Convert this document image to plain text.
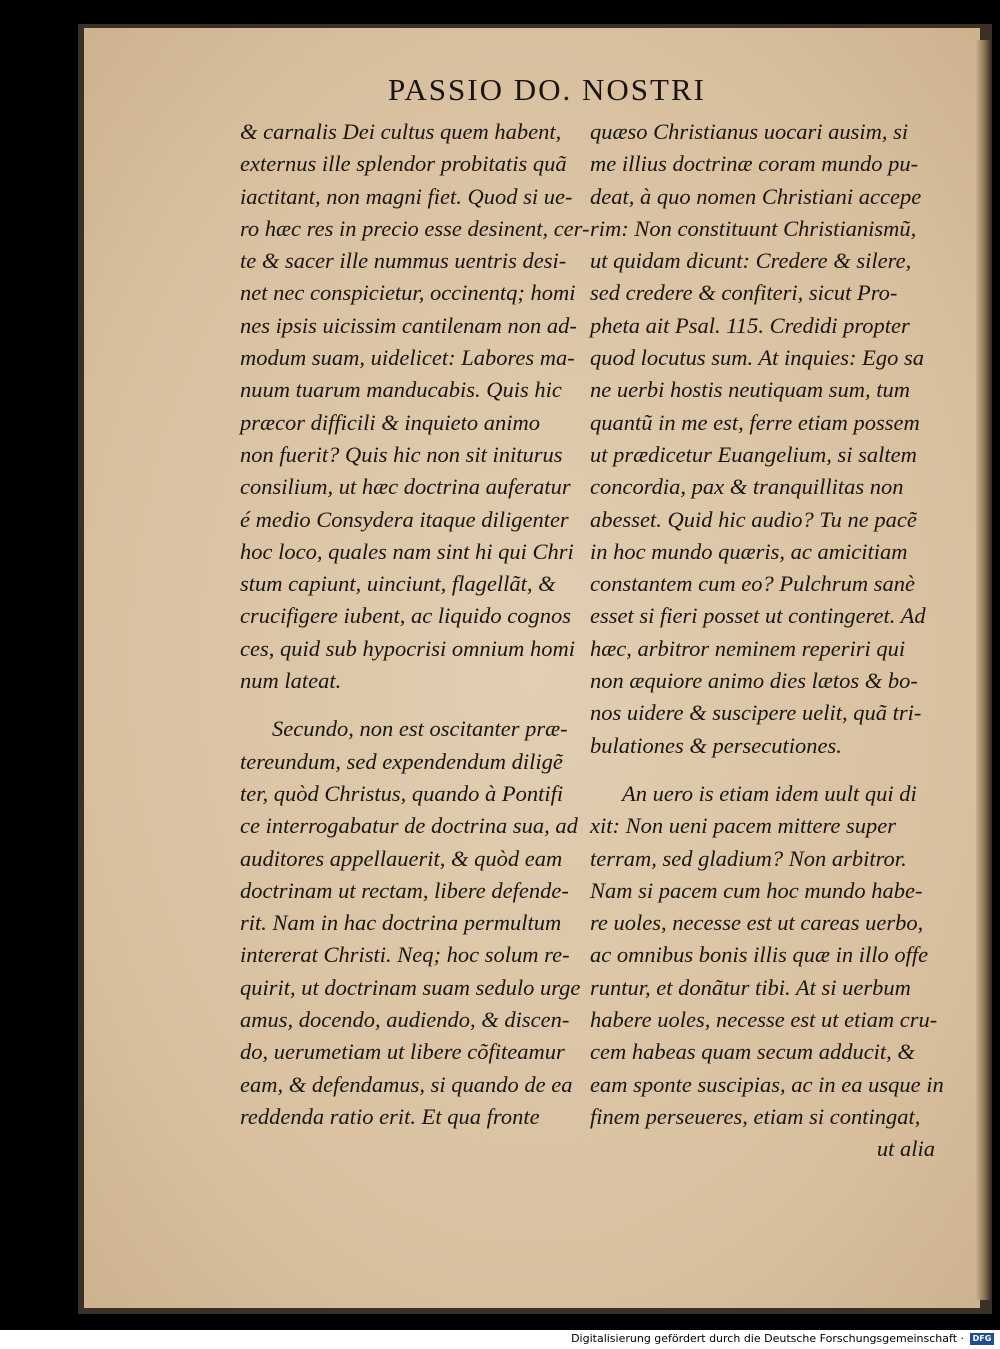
PASSIO DO. NOSTRI
& carnalis Dei cultus quem habent,
externus ille splendor probitatis quã
iactitant, non magni fiet. Quod si ue-
ro hæc res in precio esse desinent, cer-
te & sacer ille nummus uentris desi-
net nec conspicietur, occinentq; homi
nes ipsis uicissim cantilenam non ad-
modum suam, uidelicet: Labores ma-
nuum tuarum manducabis. Quis hic
præcor difficili & inquieto animo
non fuerit? Quis hic non sit initurus
consilium, ut hæc doctrina auferatur
é medio Consydera itaque diligenter
hoc loco, quales nam sint hi qui Chri
stum capiunt, uinciunt, flagellãt, &
crucifigere iubent, ac liquido cognos
ces, quid sub hypocrisi omnium homi
num lateat.
Secundo, non est oscitanter præ-
tereundum, sed expendendum diligẽ
ter, quòd Christus, quando à Pontifi
ce interrogabatur de doctrina sua, ad
auditores appellauerit, & quòd eam
doctrinam ut rectam, libere defende-
rit. Nam in hac doctrina permultum
intererat Christi. Neq; hoc solum re-
quirit, ut doctrinam suam sedulo urge
amus, docendo, audiendo, & discen-
do, uerumetiam ut libere cõfiteamur
eam, & defendamus, si quando de ea
reddenda ratio erit. Et qua fronte
quæso Christianus uocari ausim, si
me illius doctrinæ coram mundo pu-
deat, à quo nomen Christiani accepe
rim: Non constituunt Christianismũ,
ut quidam dicunt: Credere & silere,
sed credere & confiteri, sicut Pro-
pheta ait Psal. 115. Credidi propter
quod locutus sum. At inquies: Ego sa
ne uerbi hostis neutiquam sum, tum
quantũ in me est, ferre etiam possem
ut prædicetur Euangelium, si saltem
concordia, pax & tranquillitas non
abesset. Quid hic audio? Tu ne pacẽ
in hoc mundo quæris, ac amicitiam
constantem cum eo? Pulchrum sanè
esset si fieri posset ut contingeret. Ad
hæc, arbitror neminem reperiri qui
non æquiore animo dies lætos & bo-
nos uidere & suscipere uelit, quã tri-
bulationes & persecutiones.
An uero is etiam idem uult qui di
xit: Non ueni pacem mittere super
terram, sed gladium? Non arbitror.
Nam si pacem cum hoc mundo habe-
re uoles, necesse est ut careas uerbo,
ac omnibus bonis illis quæ in illo offe
runtur, et donãtur tibi. At si uerbum
habere uoles, necesse est ut etiam cru-
cem habeas quam secum adducit, &
eam sponte suscipias, ac in ea usque in
finem perseueres, etiam si contingat,
ut alia
Digitalisierung gefördert durch die Deutsche Forschungsgemeinschaft ·	DFG
